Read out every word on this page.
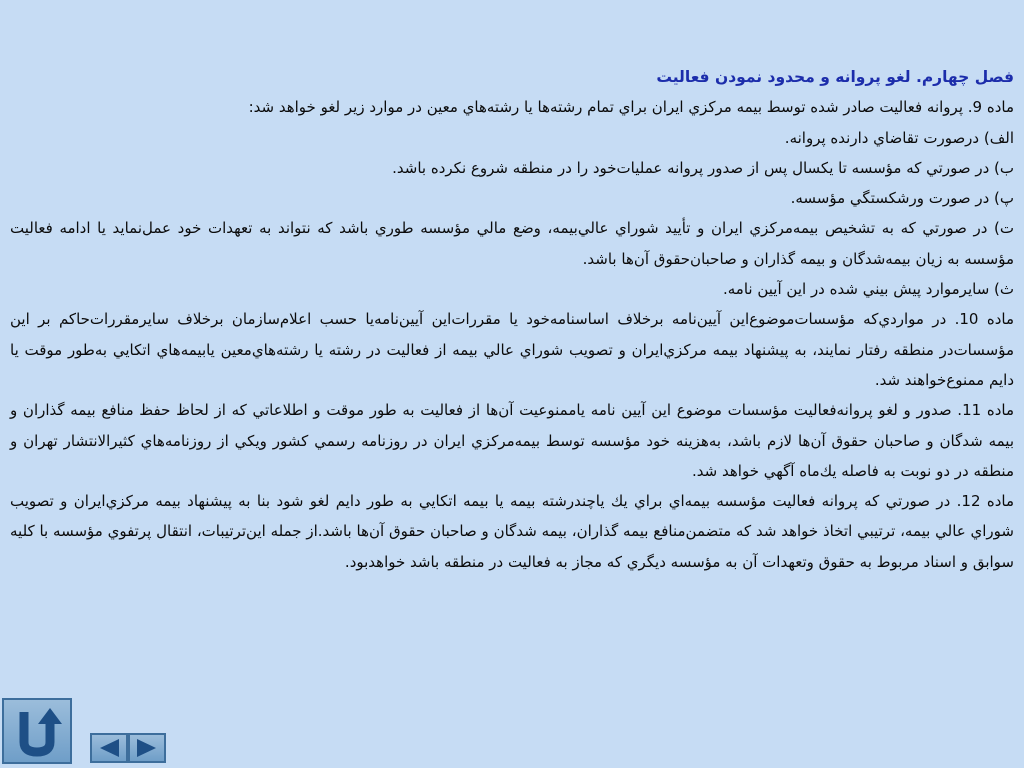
فصل چهارم. لغو پروانه و محدود نمودن فعاليت

ماده 9. پروانه فعاليت صادر شده توسط بيمه مركزي ايران براي تمام رشته‌ها يا رشته‌هاي معين در موارد زير لغو خواهد شد:

الف) درصورت تقاضاي دارنده پروانه.

ب) در صورتي كه مؤسسه تا يكسال پس از صدور پروانه عمليات‌خود را در منطقه شروع نكرده باشد.

پ) در صورت ورشكستگي مؤسسه.

ت) در صورتي كه به تشخيص بيمه‌مركزي ايران و تأييد شوراي عالي‌بيمه، وضع مالي مؤسسه طوري باشد كه نتواند به تعهدات خود عمل‌نمايد يا ادامه فعاليت مؤسسه به زيان بيمه‌شدگان و بيمه گذاران و صاحبان‌حقوق آن‌ها باشد.

ث) سايرموارد پيش بيني شده در اين آيين نامه.

ماده 10. در مواردي‌كه مؤسسات‌موضوع‌اين آيين‌نامه برخلاف اساسنامه‌خود يا مقررات‌اين آيين‌نامه‌يا حسب اعلام‌سازمان برخلاف سايرمقررات‌حاكم بر اين مؤسسات‌در منطقه رفتار نمايند، به پيشنهاد بيمه مركزي‌ايران و تصويب شوراي عالي بيمه از فعاليت در رشته يا رشته‌هاي‌معين يابيمه‌هاي اتكايي به‌طور موقت يا دايم ممنوع‌خواهند شد.

ماده 11. صدور و لغو پروانه‌فعاليت مؤسسات موضوع اين آيين نامه ياممنوعيت آن‌ها از فعاليت به طور موقت و اطلاعاتي كه از لحاظ حفظ منافع بيمه گذاران و بيمه شدگان و صاحبان حقوق آن‌ها لازم باشد، به‌هزينه خود مؤسسه توسط بيمه‌مركزي ايران در روزنامه رسمي كشور ويكي از روزنامه‌هاي كثيرالانتشار تهران و منطقه در دو نوبت به فاصله يك‌ماه آگهي خواهد شد.

ماده 12. در صورتي كه پروانه فعاليت مؤسسه بيمه‌اي براي يك ياچندرشته بيمه يا بيمه اتكايي به طور دايم لغو شود بنا به پيشنهاد بيمه مركزي‌ايران و تصويب شوراي عالي بيمه، ترتيبي اتخاذ خواهد شد كه متضمن‌منافع بيمه گذاران، بيمه شدگان و صاحبان حقوق آن‌ها باشد.از جمله اين‌ترتيبات، انتقال پرتفوي مؤسسه با كليه سوابق و اسناد مربوط به حقوق وتعهدات آن به مؤسسه ديگري كه مجاز به فعاليت در منطقه باشد خواهدبود.
